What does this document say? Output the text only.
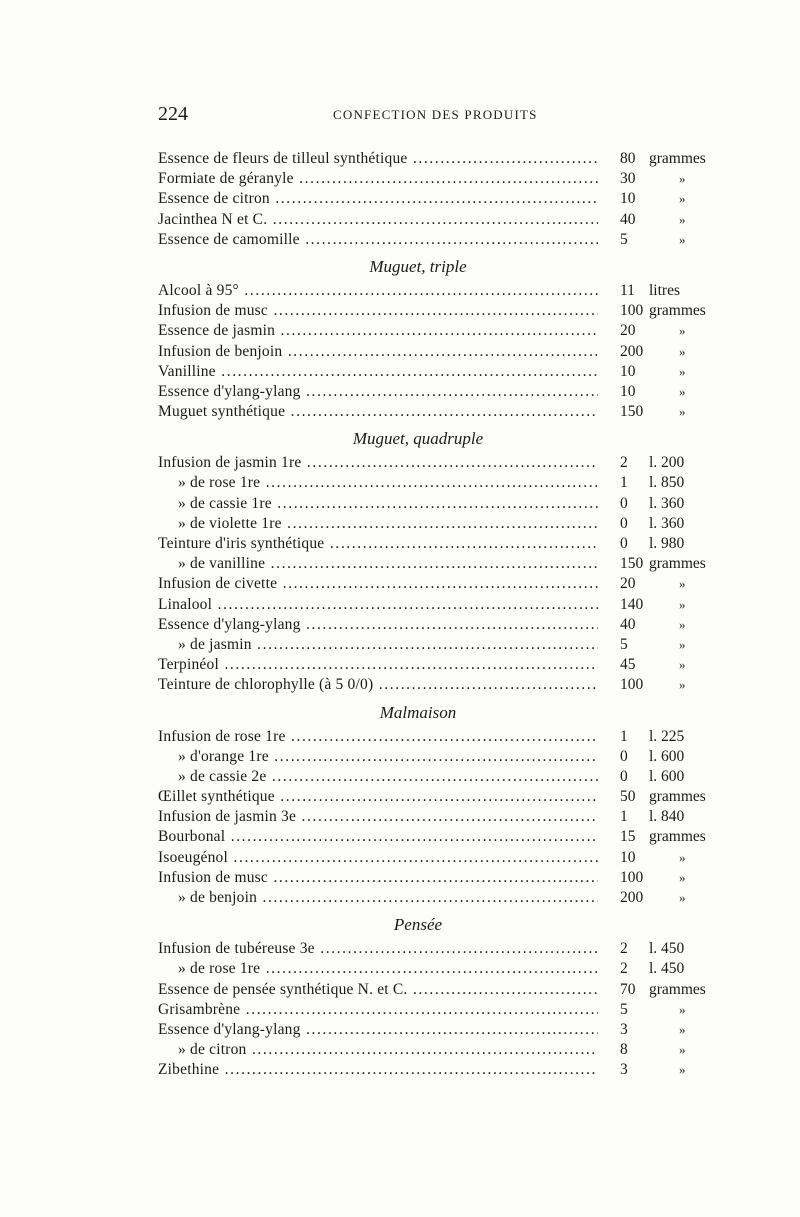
224	CONFECTION DES PRODUITS
Essence de fleurs de tilleul synthétique .....	80 grammes
Formiate de géranyle .....	30	»
Essence de citron .....	10	»
Jacinthea N et C. .....	40	»
Essence de camomille .....	5	»
Muguet, triple
Alcool à 95° .....	11 litres
Infusion de musc .....	100 grammes
Essence de jasmin .....	20	»
Infusion de benjoin .....	200	»
Vanilline .....	10	»
Essence d'ylang-ylang .....	10	»
Muguet synthétique .....	150	»
Muguet, quadruple
Infusion de jasmin 1re .....	2 l. 200
» de rose 1re .....	1 l. 850
» de cassie 1re .....	0 l. 360
» de violette 1re .....	0 l. 360
Teinture d'iris synthétique .....	0 l. 980
» de vanilline .....	150 grammes
Infusion de civette .....	20	»
Linalool .....	140	»
Essence d'ylang-ylang .....	40	»
» de jasmin .....	5	»
Terpinéol .....	45	»
Teinture de chlorophylle (à 5 0/0) .....	100	»
Malmaison
Infusion de rose 1re .....	1 l. 225
» d'orange 1re .....	0 l. 600
» de cassie 2e .....	0 l. 600
Œillet synthétique .....	50 grammes
Infusion de jasmin 3e .....	1 l. 840
Bourbonal .....	15 grammes
Isoeugénol .....	10	»
Infusion de musc .....	100	»
» de benjoin .....	200	»
Pensée
Infusion de tubéreuse 3e .....	2 l. 450
» de rose 1re .....	2 l. 450
Essence de pensée synthétique N. et C. .....	70 grammes
Grisambrène .....	5	»
Essence d'ylang-ylang .....	3	»
» de citron .....	8	»
Zibethine .....	3	»
